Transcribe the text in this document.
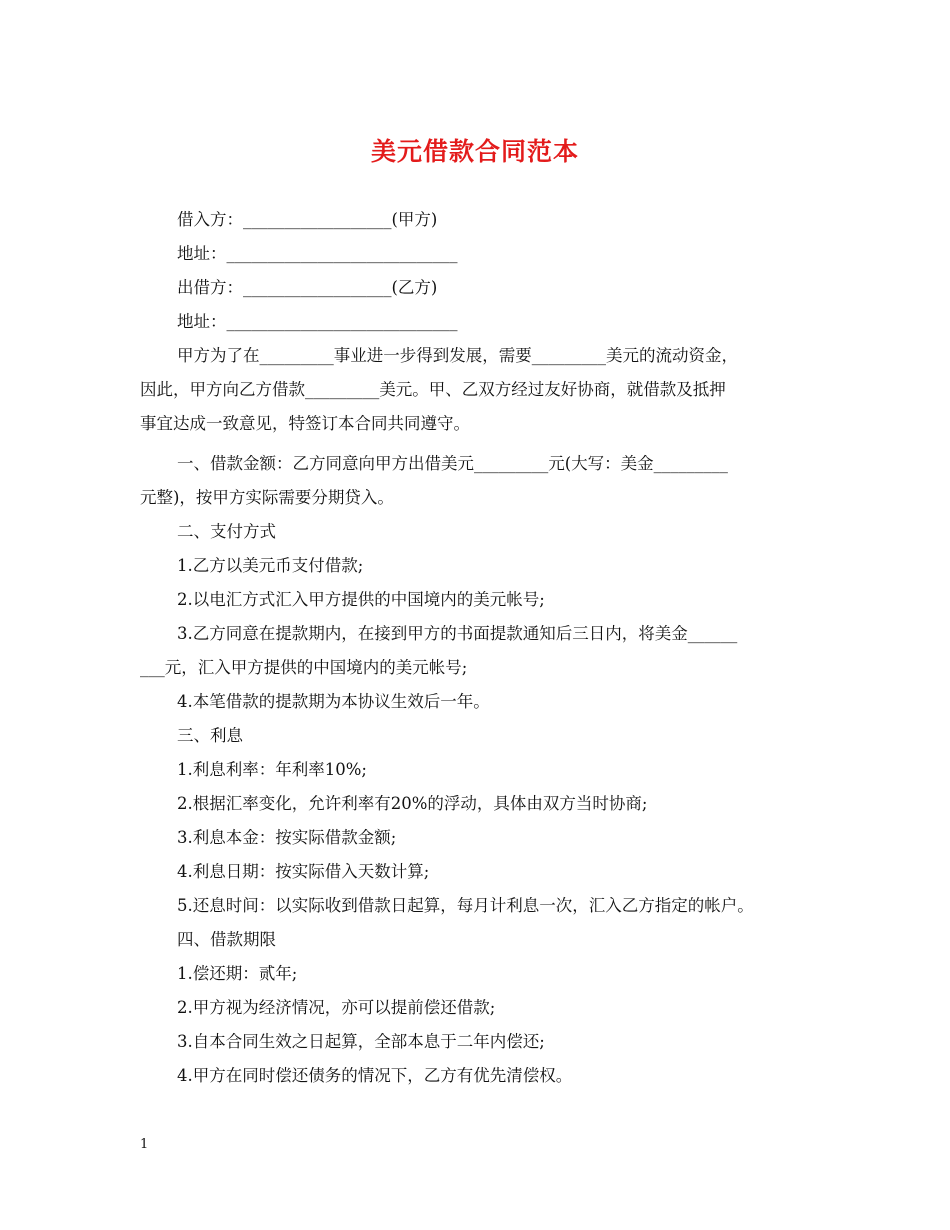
美元借款合同范本
借入方：__________________(甲方)
地址：____________________________
出借方：__________________(乙方)
地址：____________________________
甲方为了在_________事业进一步得到发展，需要_________美元的流动资金，
因此，甲方向乙方借款_________美元。甲、乙双方经过友好协商，就借款及抵押
事宜达成一致意见，特签订本合同共同遵守。
一、借款金额：乙方同意向甲方出借美元_________元(大写：美金_________
元整)，按甲方实际需要分期贷入。
二、支付方式
1.乙方以美元币支付借款;
2.以电汇方式汇入甲方提供的中国境内的美元帐号;
3.乙方同意在提款期内，在接到甲方的书面提款通知后三日内，将美金______
___元，汇入甲方提供的中国境内的美元帐号;
4.本笔借款的提款期为本协议生效后一年。
三、利息
1.利息利率：年利率10%;
2.根据汇率变化，允许利率有20%的浮动，具体由双方当时协商;
3.利息本金：按实际借款金额;
4.利息日期：按实际借入天数计算;
5.还息时间：以实际收到借款日起算，每月计利息一次，汇入乙方指定的帐户。
四、借款期限
1.偿还期：贰年;
2.甲方视为经济情况，亦可以提前偿还借款;
3.自本合同生效之日起算，全部本息于二年内偿还;
4.甲方在同时偿还债务的情况下，乙方有优先清偿权。
1
